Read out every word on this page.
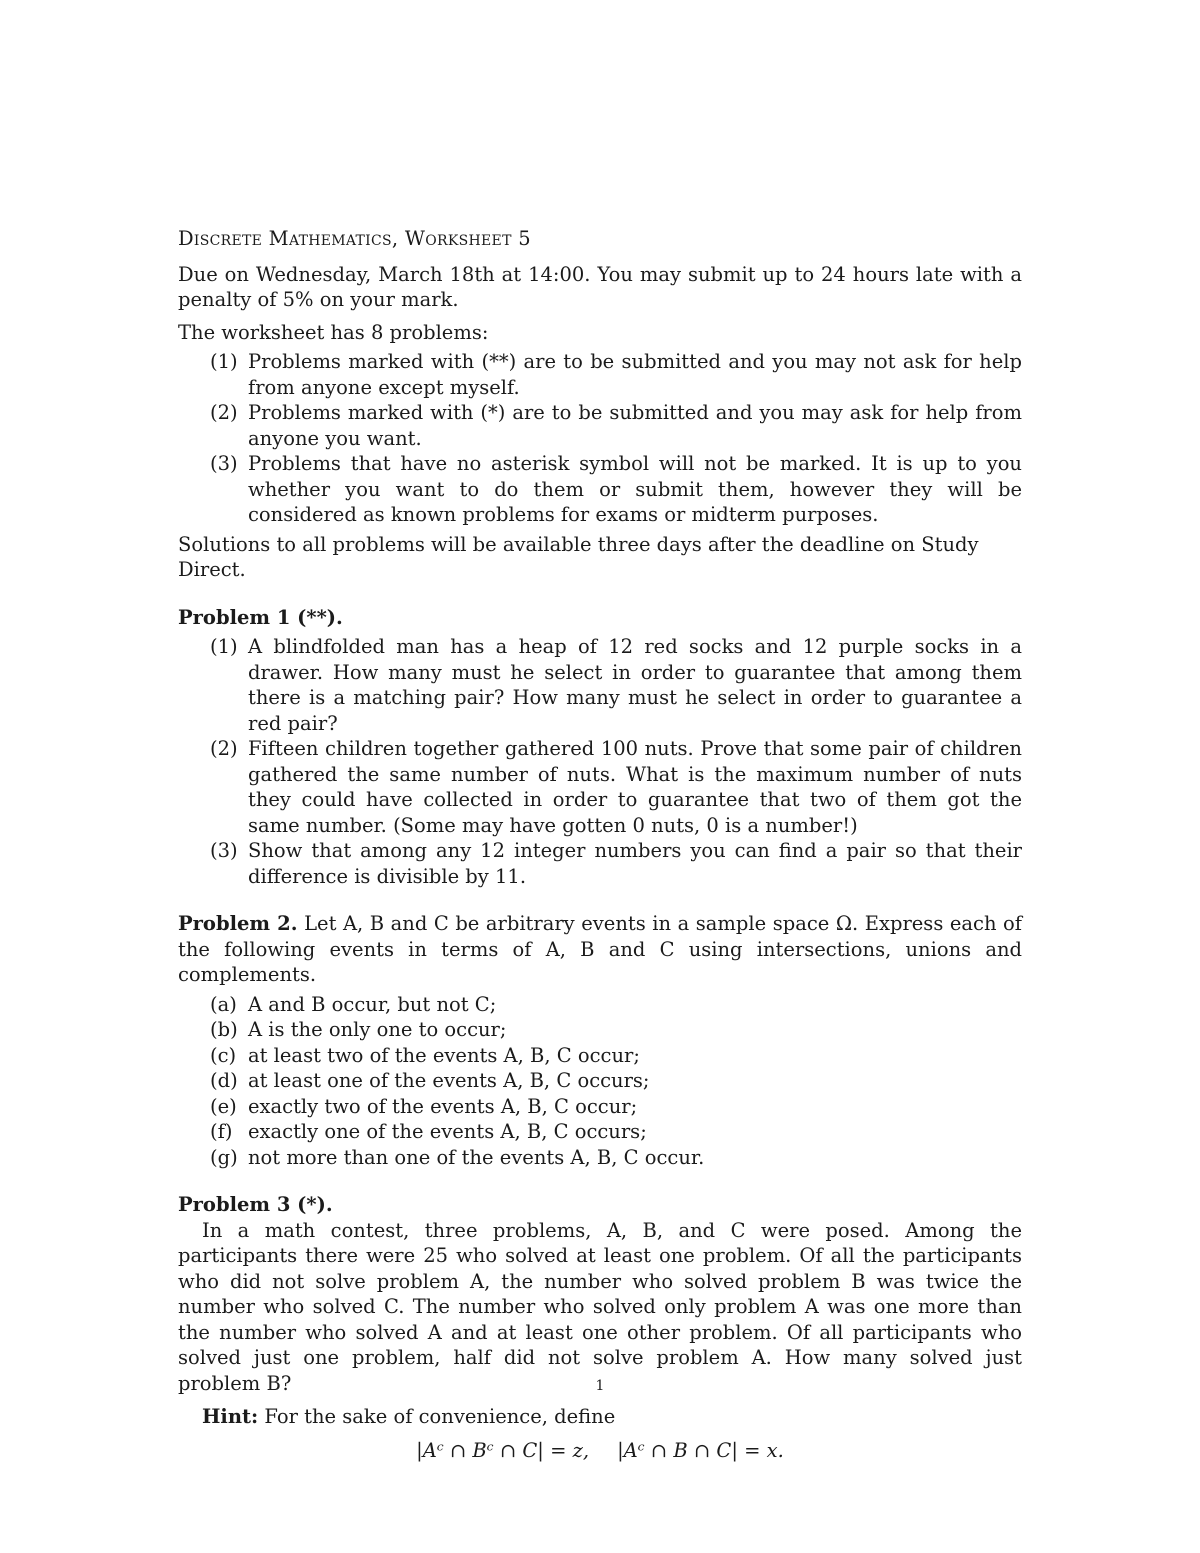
Discrete Mathematics, Worksheet 5

Due on Wednesday, March 18th at 14:00. You may submit up to 24 hours late with a penalty of 5% on your mark.

The worksheet has 8 problems:

(1) Problems marked with (**) are to be submitted and you may not ask for help from anyone except myself.
(2) Problems marked with (*) are to be submitted and you may ask for help from anyone you want.
(3) Problems that have no asterisk symbol will not be marked. It is up to you whether you want to do them or submit them, however they will be considered as known problems for exams or midterm purposes.

Solutions to all problems will be available three days after the deadline on Study Direct.

Problem 1 (**).

(1) A blindfolded man has a heap of 12 red socks and 12 purple socks in a drawer. How many must he select in order to guarantee that among them there is a matching pair? How many must he select in order to guarantee a red pair?
(2) Fifteen children together gathered 100 nuts. Prove that some pair of children gathered the same number of nuts. What is the maximum number of nuts they could have collected in order to guarantee that two of them got the same number. (Some may have gotten 0 nuts, 0 is a number!)
(3) Show that among any 12 integer numbers you can find a pair so that their difference is divisible by 11.

Problem 2. Let A, B and C be arbitrary events in a sample space Ω. Express each of the following events in terms of A, B and C using intersections, unions and complements.

(a) A and B occur, but not C;
(b) A is the only one to occur;
(c) at least two of the events A, B, C occur;
(d) at least one of the events A, B, C occurs;
(e) exactly two of the events A, B, C occur;
(f) exactly one of the events A, B, C occurs;
(g) not more than one of the events A, B, C occur.

Problem 3 (*).

In a math contest, three problems, A, B, and C were posed. Among the participants there were 25 who solved at least one problem. Of all the participants who did not solve problem A, the number who solved problem B was twice the number who solved C. The number who solved only problem A was one more than the number who solved A and at least one other problem. Of all participants who solved just one problem, half did not solve problem A. How many solved just problem B?

Hint: For the sake of convenience, define

|Aᶜ ∩ Bᶜ ∩ C| = z, |Aᶜ ∩ B ∩ C| = x.

1
